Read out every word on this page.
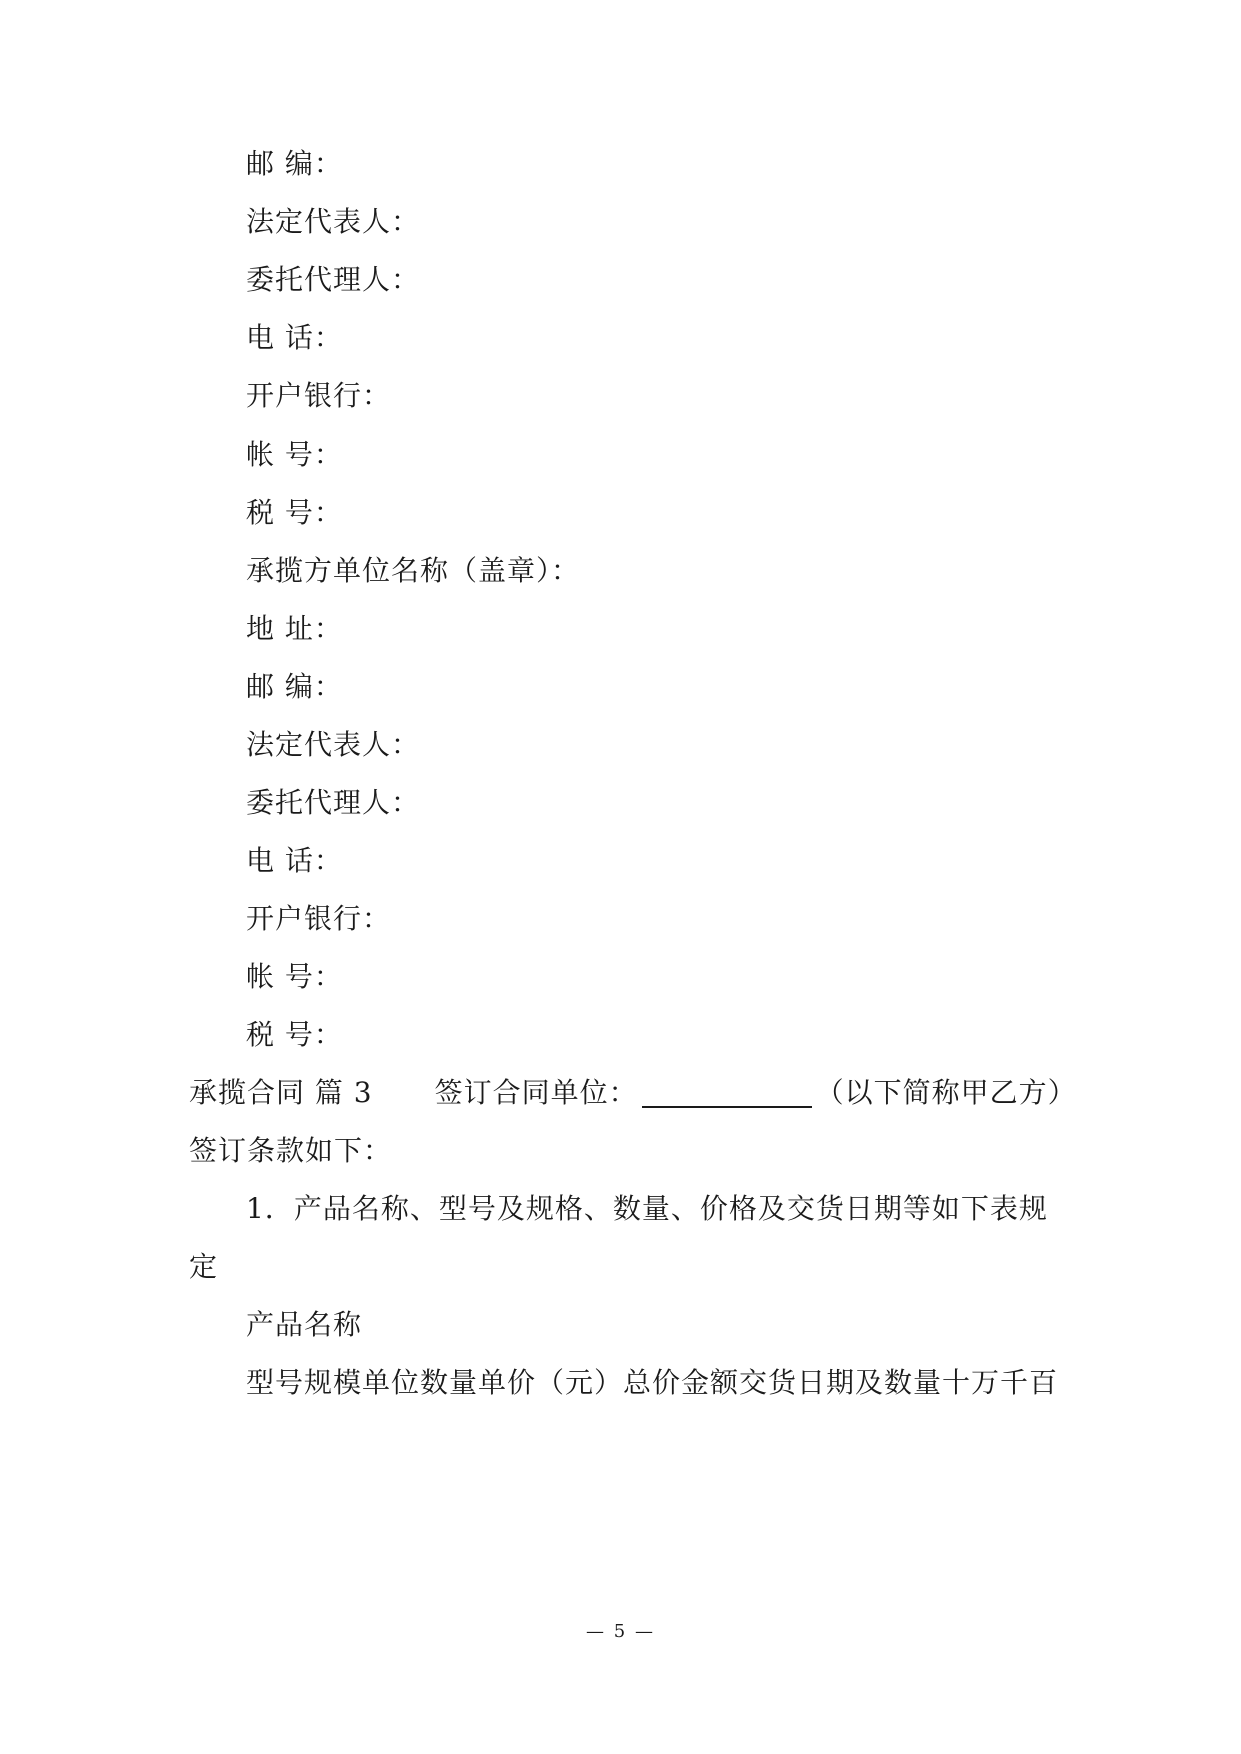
邮 编：
法定代表人：
委托代理人：
电 话：
开户银行：
帐 号：
税 号：
承揽方单位名称（盖章）：
地 址：
邮 编：
法定代表人：
委托代理人：
电 话：
开户银行：
帐 号：
税 号：
承揽合同 篇 3 签订合同单位：	（以下简称甲乙方）
签订条款如下：
1．产品名称、型号及规格、数量、价格及交货日期等如下表规
定
产品名称
型号规模单位数量单价（元）总价金额交货日期及数量十万千百
— 5 —
